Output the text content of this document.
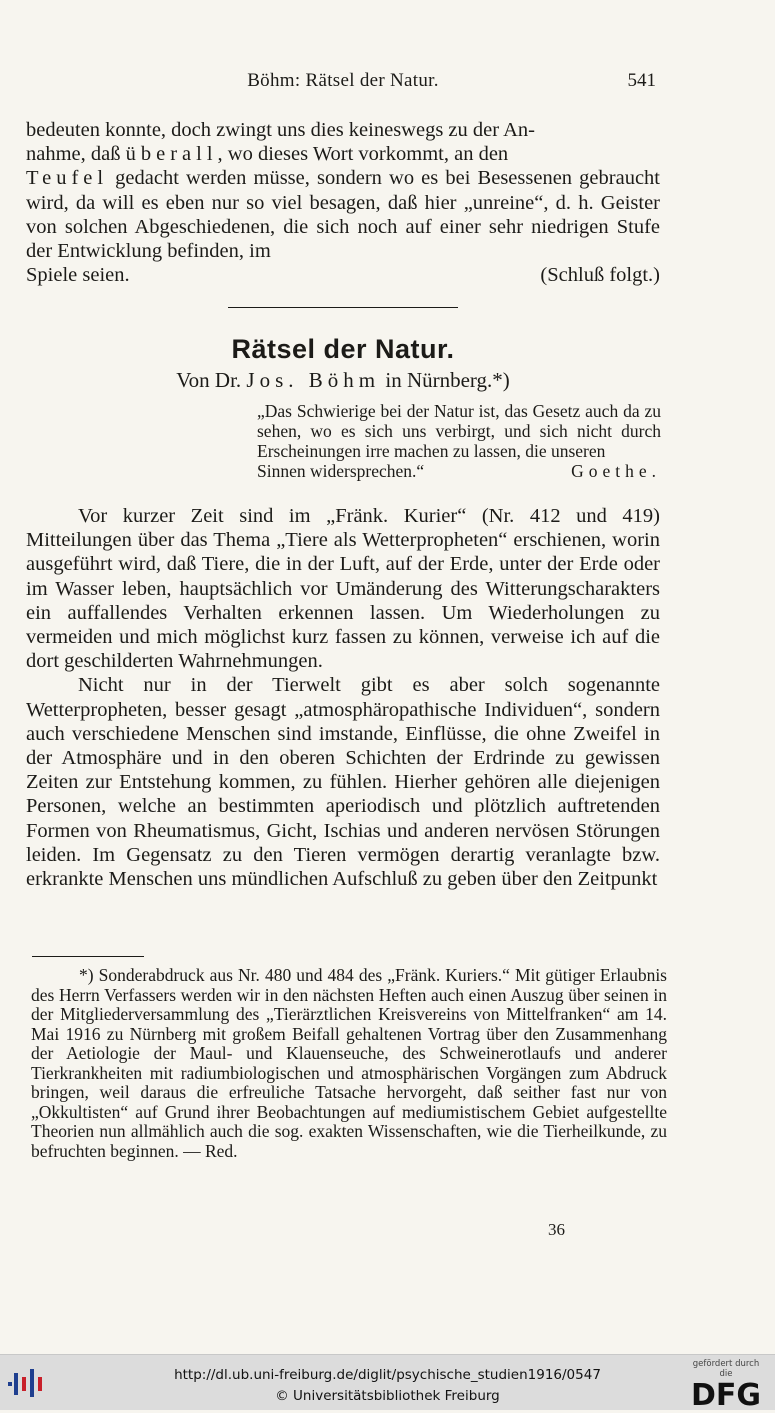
Böhm: Rätsel der Natur.	541

bedeuten konnte, doch zwingt uns dies keineswegs zu der An-

nahme, daß überall, wo dieses Wort vorkommt, an den

Teufel gedacht werden müsse, sondern wo es bei Besessenen gebraucht wird, da will es eben nur so viel besagen, daß hier „unreine“, d. h. Geister von solchen Abgeschiedenen, die sich noch auf einer sehr niedrigen Stufe der Entwicklung befinden, im

Spiele seien.	(Schluß folgt.)
Rätsel der Natur.
Von Dr. Jos. Böhm in Nürnberg.*)
„Das Schwierige bei der Natur ist, das Gesetz auch da zu sehen, wo es sich uns verbirgt, und sich nicht durch Erscheinungen irre machen zu lassen, die unseren
Sinnen widersprechen.“	Goethe.

Vor kurzer Zeit sind im „Fränk. Kurier“ (Nr. 412 und 419) Mitteilungen über das Thema „Tiere als Wetterpropheten“ erschienen, worin ausgeführt wird, daß Tiere, die in der Luft, auf der Erde, unter der Erde oder im Wasser leben, hauptsächlich vor Umänderung des Witterungscharakters ein auffallendes Verhalten erkennen lassen. Um Wiederholungen zu vermeiden und mich möglichst kurz fassen zu können, verweise ich auf die dort geschilderten Wahrnehmungen.

Nicht nur in der Tierwelt gibt es aber solch sogenannte Wetterpropheten, besser gesagt „atmosphäropathische Individuen“, sondern auch verschiedene Menschen sind imstande, Einflüsse, die ohne Zweifel in der Atmosphäre und in den oberen Schichten der Erdrinde zu gewissen Zeiten zur Entstehung kommen, zu fühlen. Hierher gehören alle diejenigen Personen, welche an bestimmten aperiodisch und plötzlich auftretenden Formen von Rheumatismus, Gicht, Ischias und anderen nervösen Störungen leiden. Im Gegensatz zu den Tieren vermögen derartig veranlagte bzw. erkrankte Menschen uns mündlichen Aufschluß zu geben über den Zeitpunkt

*) Sonderabdruck aus Nr. 480 und 484 des „Fränk. Kuriers.“ Mit gütiger Erlaubnis des Herrn Verfassers werden wir in den nächsten Heften auch einen Auszug über seinen in der Mitgliederversammlung des „Tierärztlichen Kreisvereins von Mittelfranken“ am 14. Mai 1916 zu Nürnberg mit großem Beifall gehaltenen Vortrag über den Zusammenhang der Aetiologie der Maul- und Klauenseuche, des Schweinerotlaufs und anderer Tierkrankheiten mit radiumbiologischen und atmosphärischen Vorgängen zum Abdruck bringen, weil daraus die erfreuliche Tatsache hervorgeht, daß seither fast nur von „Okkultisten“ auf Grund ihrer Beobachtungen auf mediumistischem Gebiet aufgestellte Theorien nun allmählich auch die sog. exakten Wissenschaften, wie die Tierheilkunde, zu befruchten beginnen. — Red.

36
http://dl.ub.uni-freiburg.de/diglit/psychische_studien1916/0547
© Universitätsbibliothek Freiburg
gefördert durch die
DFG
